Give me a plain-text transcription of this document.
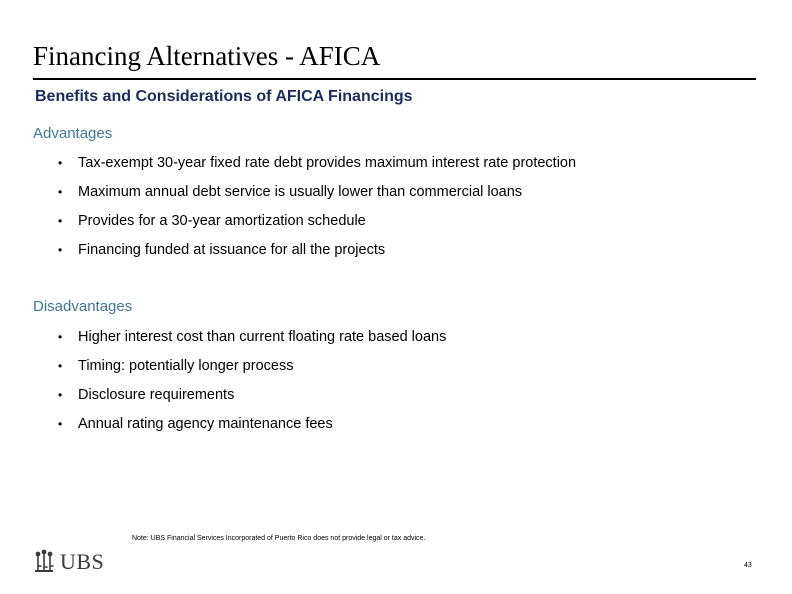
Financing Alternatives - AFICA
Benefits and Considerations of AFICA Financings
Advantages
• Tax-exempt 30-year fixed rate debt provides maximum interest rate protection
• Maximum annual debt service is usually lower than commercial loans
• Provides for a 30-year amortization schedule
• Financing funded at issuance for all the projects
Disadvantages
• Higher interest cost than current floating rate based loans
• Timing: potentially longer process
• Disclosure requirements
• Annual rating agency maintenance fees
Note: UBS Financial Services Incorporated of Puerto Rico does not provide legal or tax advice.
UBS	43
